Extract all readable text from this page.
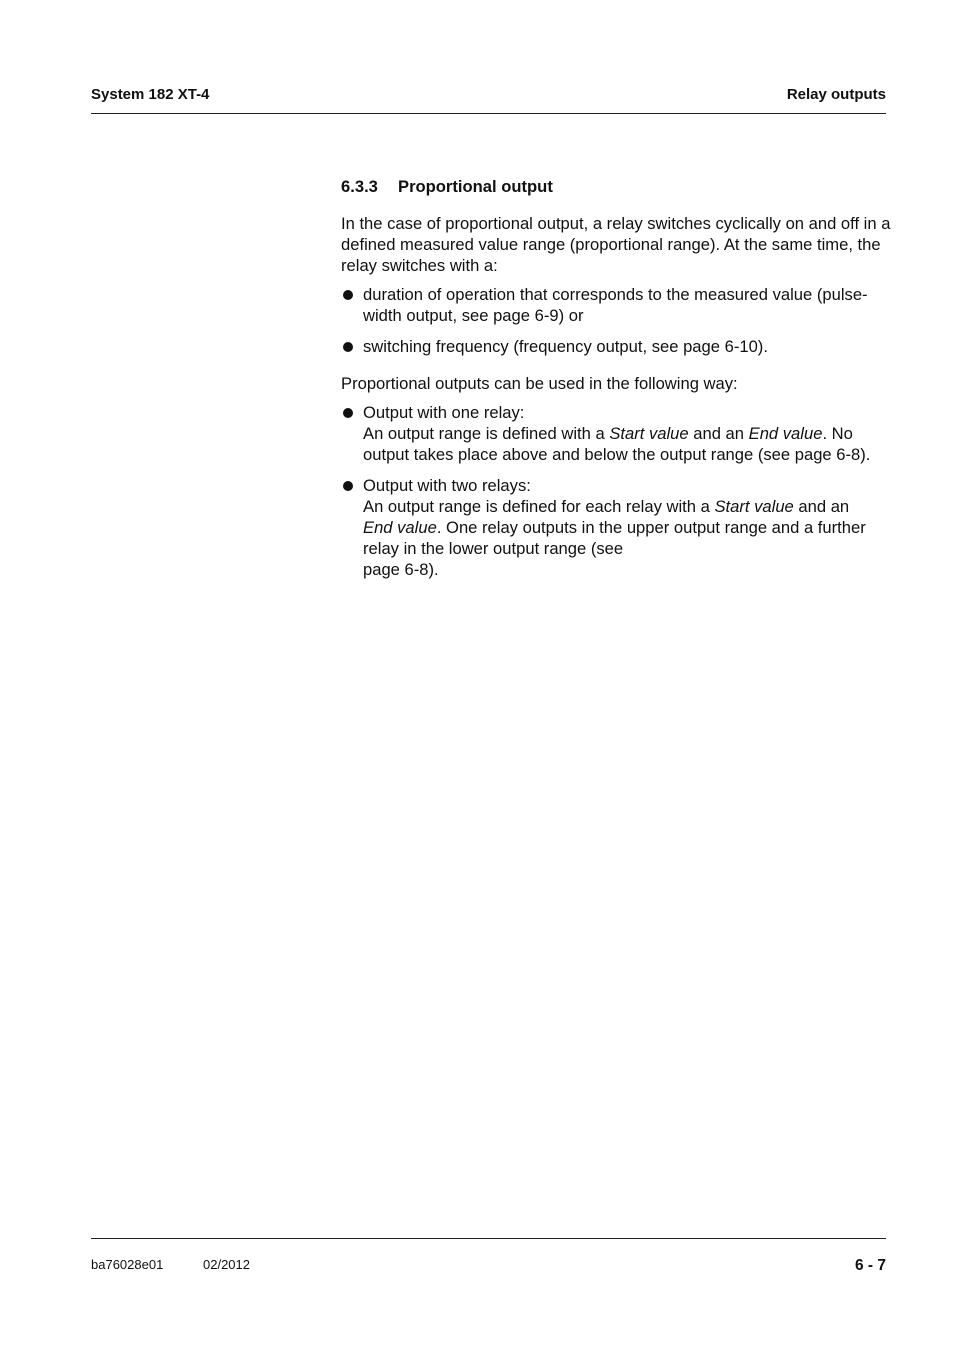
System 182 XT-4	Relay outputs
6.3.3 Proportional output

In the case of proportional output, a relay switches cyclically on and off in a defined measured value range (proportional range). At the same time, the relay switches with a:

duration of operation that corresponds to the measured value (pulse-width output, see page 6-9) or
switching frequency (frequency output, see page 6-10).

Proportional outputs can be used in the following way:

Output with one relay:
An output range is defined with a Start value and an End value. No output takes place above and below the output range (see page 6-8).
Output with two relays:
An output range is defined for each relay with a Start value and an
End value. One relay outputs in the upper output range and a further relay in the lower output range (see
page 6-8).
ba76028e01	02/2012	6 - 7
